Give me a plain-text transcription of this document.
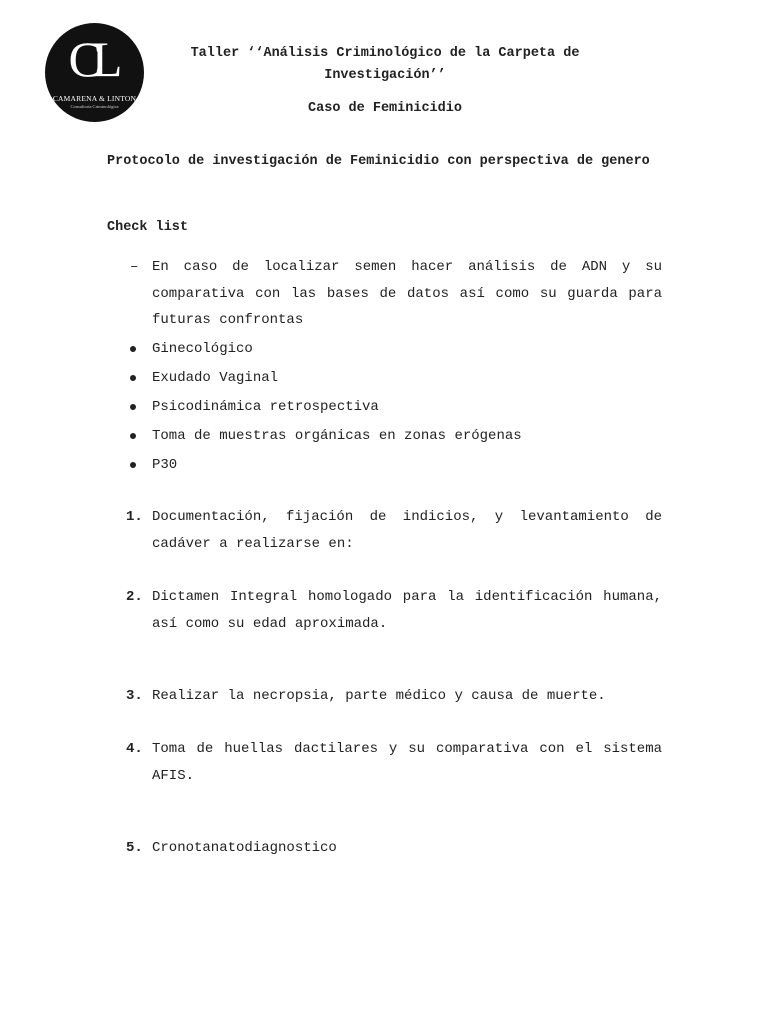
CL
CAMARENA & LINTON
Consultoría Criminológica

Taller ‘‘Análisis Criminológico de la Carpeta de Investigación’’

Caso de Feminicidio

Protocolo de investigación de Feminicidio con perspectiva de genero

Check list

– En caso de localizar semen hacer análisis de ADN y su comparativa con las bases de datos así como su guarda para futuras confrontas
Ginecológico
Exudado Vaginal
Psicodinámica retrospectiva
Toma de muestras orgánicas en zonas erógenas
P30
1. Documentación, fijación de indicios, y levantamiento de cadáver a realizarse en:
2. Dictamen Integral homologado para la identificación humana, así como su edad aproximada.
3. Realizar la necropsia, parte médico y causa de muerte.
4. Toma de huellas dactilares y su comparativa con el sistema AFIS.
5. Cronotanatodiagnostico
